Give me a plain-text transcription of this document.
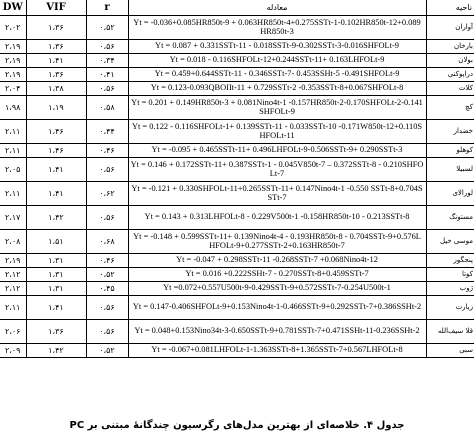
DW	VIF	r	معادله	ناحیه
۲،۰۲	۱،۳۶	۰،۵۲	Yt = -0.036+0.085HR850t-9 + 0.063HR850t-4+0.275SSTt-1-0.102HR850t-12+0.089HR850t-3	آواران
۲،۱۹	۱،۳۶	۰،۵۶	Yt = 0.087 + 0.331SSTt-11 - 0.018SSTt-9-0.302SSTt-3-0.016SHFOLt-9	بارخان
۲،۱۹	۱،۴۱	۰،۳۴	Yt = 0.018 - 0.116SHFOLt-12+0.244SSTt-11+ 0.163LHFOLt-9	بولان
۲،۱۹	۱،۳۶	۰،۴۱	Yt = 0.459+0.644SSTt-11 - 0.346SSTt-7- 0.453SSHt-5 -0.491SHFOLt-9	دراپوکنی
۲،۰۴	۱،۳۸	۰،۵۶	Yt = 0.123-0.093QBOIIt-11 + 0.729SSTt-2 -0.353SSTt-8+0.067SHFOLt-8	کلات
۱،۹۸	۱،۱۹	۰،۵۸	Yt = 0.201 + 0.149HR850t-3 + 0.081Nino4t-1 -0.157HR850t-2-0.170SHFOLt-2-0.141SHFOLt-9	کچ
۲،۱۱	۱،۴۶	۰،۴۴	Yt = 0.122 - 0.116SHFOLt-1+ 0.139SSTt-11 - 0.033SSTt-10 -0.171W850t-12+0.110SHFOLt-11	خضدار
۲،۱۱	۱،۴۶	۰،۴۶	Yt = -0.095 + 0.465SSTt-11+ 0.496LHFOLt-9-0.506SSTt-9+ 0.290SSTt-3	کوهلو
۲،۰۵	۱،۴۱	۰،۵۶	Yt = 0.146 + 0.172SSTt-11+ 0.387SSTt-1 - 0.045V850t-7 – 0.372SSTt-8 - 0.210SHFOLt-7	لسبیلا
۲،۱۱	۱،۴۱	۰،۶۲	Yt = -0.121 + 0.330SHFOLt-11+0.265SSTt-11+ 0.147Nino4t-1 -0.550 SSTt-8+0.704SSTt-7	لورالای
۲،۱۷	۱،۴۲	۰،۵۶	Yt = 0.143 + 0.313LHFOLt-8 - 0.229V500t-1 -0.158HR850t-10 - 0.213SSTt-8	مستونگ
۲،۰۸	۱،۵۱	۰،۶۸	Yt = -0.148 + 0.599SSTt-11+ 0.139Nino4t-4 - 0.193HR850t-8 - 0.704SSTt-9+0.576LHFOLt-9+0.277SSTt-2+0.163HR850t-7	موسی خیل
۲،۱۹	۱،۳۱	۰،۴۶	Yt = -0.047 + 0.298SSTt-11 -0.268SSTt-7 +0.068Nino4t-12	پنجگور
۲،۱۲	۱،۳۱	۰،۵۲	Yt = 0.016 +0.222SSHt-7 - 0.270SSTt-8+0.459SSTt-7	کوتا
۲،۱۲	۱،۳۱	۰،۴۵	Yt =0.072+0.557U500t-9-0.429SSTt-9+0.572SSTt-7-0.254U500t-1	ژوب
۲،۱۱	۱،۴۱	۰،۵۶	Yt = 0.147-0.406SHFOLt-9+0.153Nino4t-1-0.466SSTt-9+0.292SSTt-7+0.386SSHt-2	زیارت
۲،۰۶	۱،۳۶	۰،۵۶	Yt = 0.048+0.153Nino34t-3-0.650SSTt-9+0.781SSTt-7+0.471SSHt-11-0.236SSHt-2	قلا سیف‌الله
۲،۰۹	۱،۴۲	۰،۵۲	Yt = -0.067+0.081LHFOLt-1-1.363SSTt-8+1.365SSTt-7+0.567LHFOLt-8	سبی
جدول ۴. خلاصه‌ای از بهترین مدل‌های رگرسیون چندگانهٔ مبتنی بر PC
